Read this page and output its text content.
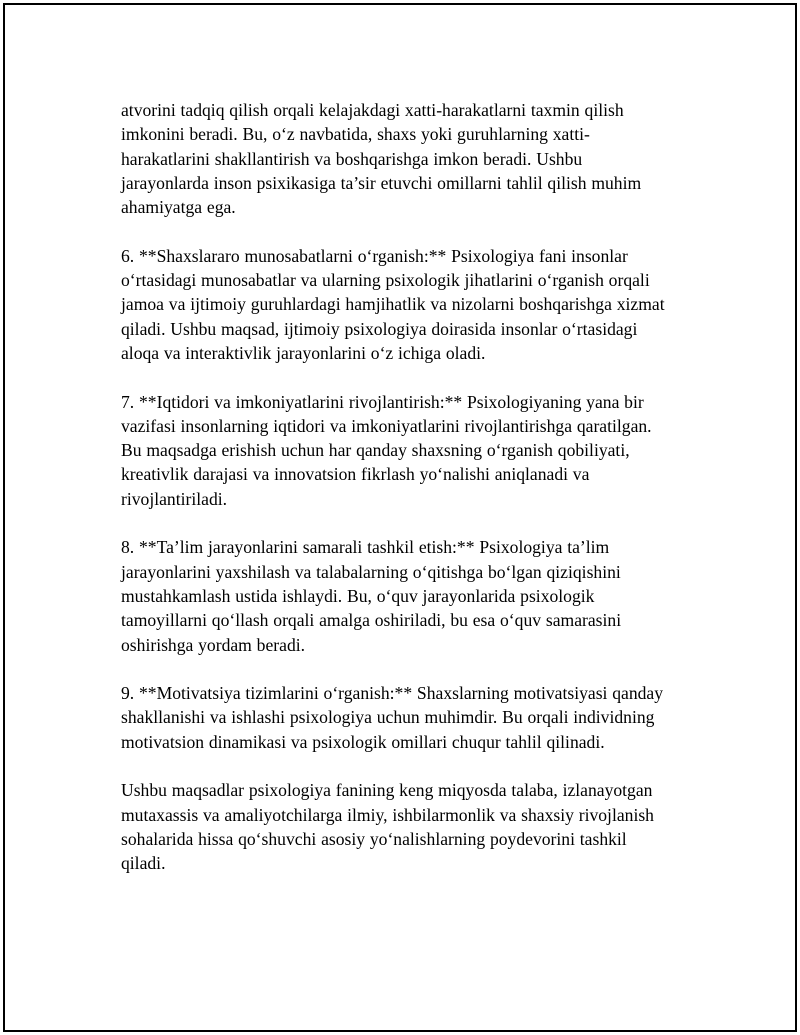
atvorini tadqiq qilish orqali kelajakdagi xatti-harakatlarni taxmin qilish
imkonini beradi. Bu, o‘z navbatida, shaxs yoki guruhlarning xatti-
harakatlarini shakllantirish va boshqarishga imkon beradi. Ushbu
jarayonlarda inson psixikasiga ta’sir etuvchi omillarni tahlil qilish muhim
ahamiyatga ega.

6. **Shaxslararo munosabatlarni o‘rganish:** Psixologiya fani insonlar
o‘rtasidagi munosabatlar va ularning psixologik jihatlarini o‘rganish orqali
jamoa va ijtimoiy guruhlardagi hamjihatlik va nizolarni boshqarishga xizmat
qiladi. Ushbu maqsad, ijtimoiy psixologiya doirasida insonlar o‘rtasidagi
aloqa va interaktivlik jarayonlarini o‘z ichiga oladi.

7. **Iqtidori va imkoniyatlarini rivojlantirish:** Psixologiyaning yana bir
vazifasi insonlarning iqtidori va imkoniyatlarini rivojlantirishga qaratilgan.
Bu maqsadga erishish uchun har qanday shaxsning o‘rganish qobiliyati,
kreativlik darajasi va innovatsion fikrlash yo‘nalishi aniqlanadi va
rivojlantiriladi.

8. **Ta’lim jarayonlarini samarali tashkil etish:** Psixologiya ta’lim
jarayonlarini yaxshilash va talabalarning o‘qitishga bo‘lgan qiziqishini
mustahkamlash ustida ishlaydi. Bu, o‘quv jarayonlarida psixologik
tamoyillarni qo‘llash orqali amalga oshiriladi, bu esa o‘quv samarasini
oshirishga yordam beradi.

9. **Motivatsiya tizimlarini o‘rganish:** Shaxslarning motivatsiyasi qanday
shakllanishi va ishlashi psixologiya uchun muhimdir. Bu orqali individning
motivatsion dinamikasi va psixologik omillari chuqur tahlil qilinadi.

Ushbu maqsadlar psixologiya fanining keng miqyosda talaba, izlanayotgan
mutaxassis va amaliyotchilarga ilmiy, ishbilarmonlik va shaxsiy rivojlanish
sohalarida hissa qo‘shuvchi asosiy yo‘nalishlarning poydevorini tashkil
qiladi.
